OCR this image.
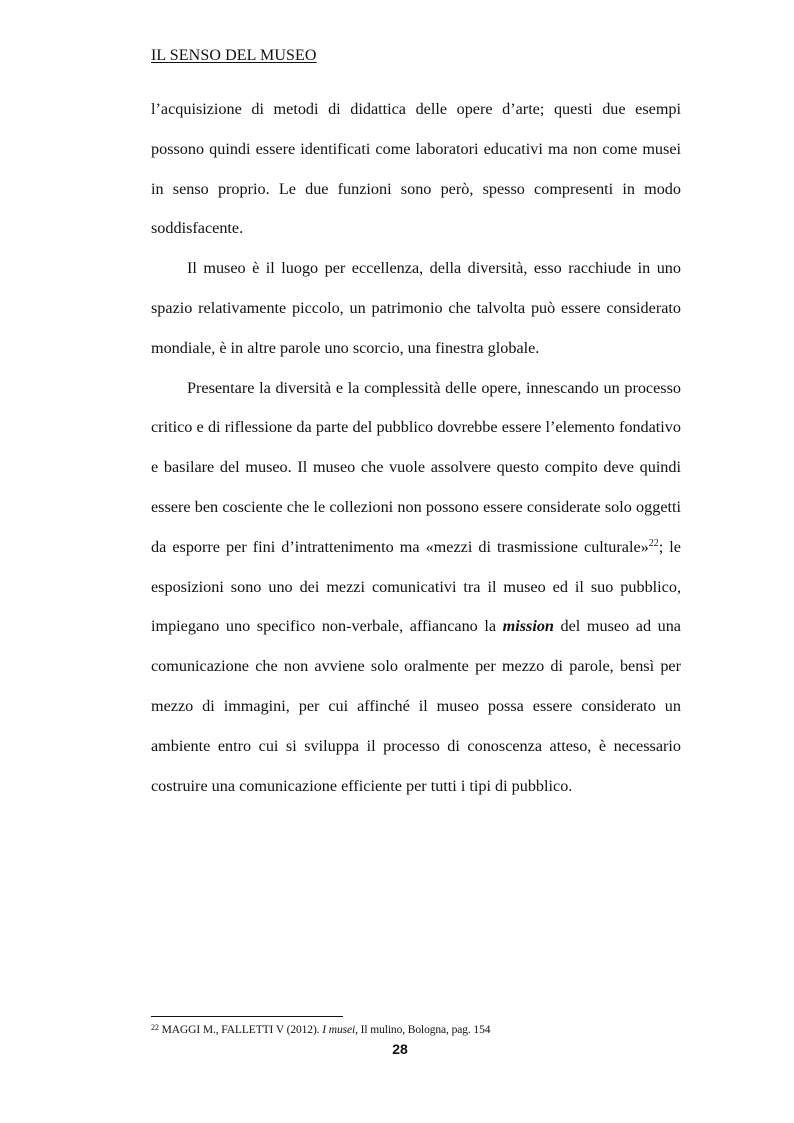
IL SENSO DEL MUSEO

l’acquisizione di metodi di didattica delle opere d’arte; questi due esempi possono quindi essere identificati come laboratori educativi ma non come musei in senso proprio. Le due funzioni sono però, spesso compresenti in modo soddisfacente.

Il museo è il luogo per eccellenza, della diversità, esso racchiude in uno spazio relativamente piccolo, un patrimonio che talvolta può essere considerato mondiale, è in altre parole uno scorcio, una finestra globale.

Presentare la diversità e la complessità delle opere, innescando un processo critico e di riflessione da parte del pubblico dovrebbe essere l’elemento fondativo e basilare del museo. Il museo che vuole assolvere questo compito deve quindi essere ben cosciente che le collezioni non possono essere considerate solo oggetti da esporre per fini d’intrattenimento ma «mezzi di trasmissione culturale»$^{22}$; le esposizioni sono uno dei mezzi comunicativi tra il museo ed il suo pubblico, impiegano uno specifico non-verbale, affiancano la mission del museo ad una comunicazione che non avviene solo oralmente per mezzo di parole, bensì per mezzo di immagini, per cui affinché il museo possa essere considerato un ambiente entro cui si sviluppa il processo di conoscenza atteso, è necessario costruire una comunicazione efficiente per tutti i tipi di pubblico.

$^{22}$ MAGGI M., FALLETTI V (2012). I musei, Il mulino, Bologna, pag. 154
28
